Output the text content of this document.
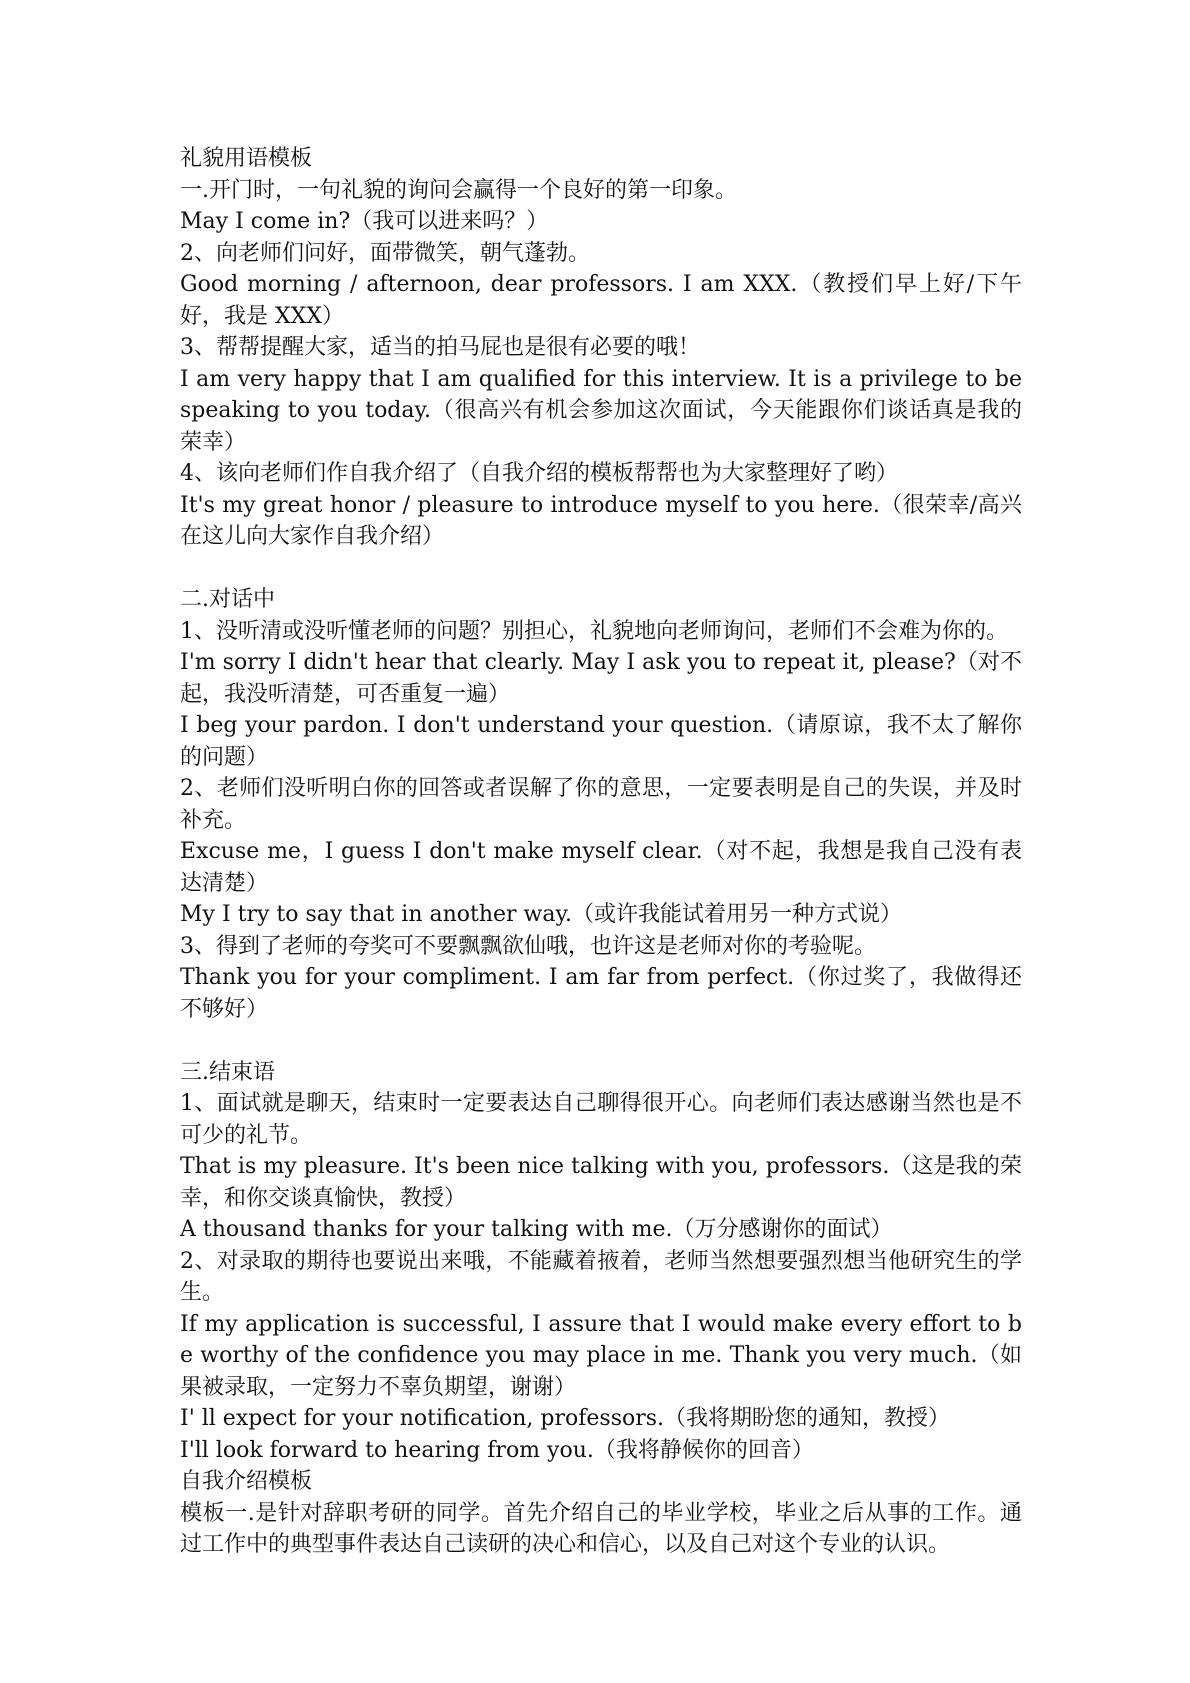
礼貌用语模板

一.开门时，一句礼貌的询问会赢得一个良好的第一印象。

May I come in?（我可以进来吗？）

2、向老师们问好，面带微笑，朝气蓬勃。

Good morning / afternoon, dear professors. I am XXX.（教授们早上好/下午好，我是 XXX）

3、帮帮提醒大家，适当的拍马屁也是很有必要的哦！

I am very happy that I am qualified for this interview. It is a privilege to be speaking to you today.（很高兴有机会参加这次面试，今天能跟你们谈话真是我的荣幸）

4、该向老师们作自我介绍了（自我介绍的模板帮帮也为大家整理好了哟）

It's my great honor / pleasure to introduce myself to you here.（很荣幸/高兴在这儿向大家作自我介绍）

二.对话中

1、没听清或没听懂老师的问题？别担心，礼貌地向老师询问，老师们不会难为你的。

I'm sorry I didn't hear that clearly. May I ask you to repeat it, please?（对不起，我没听清楚，可否重复一遍）

I beg your pardon. I don't understand your question.（请原谅，我不太了解你的问题）

2、老师们没听明白你的回答或者误解了你的意思，一定要表明是自己的失误，并及时补充。

Excuse me，I guess I don't make myself clear.（对不起，我想是我自己没有表达清楚）

My I try to say that in another way.（或许我能试着用另一种方式说）

3、得到了老师的夸奖可不要飘飘欲仙哦，也许这是老师对你的考验呢。

Thank you for your compliment. I am far from perfect.（你过奖了，我做得还不够好）

三.结束语

1、面试就是聊天，结束时一定要表达自己聊得很开心。向老师们表达感谢当然也是不可少的礼节。

That is my pleasure. It's been nice talking with you, professors.（这是我的荣幸，和你交谈真愉快，教授）

A thousand thanks for your talking with me.（万分感谢你的面试）

2、对录取的期待也要说出来哦，不能藏着掖着，老师当然想要强烈想当他研究生的学生。

If my application is successful, I assure that I would make every effort to be worthy of the confidence you may place in me. Thank you very much.（如果被录取，一定努力不辜负期望，谢谢）

I' ll expect for your notification, professors.（我将期盼您的通知，教授）

I'll look forward to hearing from you.（我将静候你的回音）

自我介绍模板

模板一.是针对辞职考研的同学。首先介绍自己的毕业学校，毕业之后从事的工作。通过工作中的典型事件表达自己读研的决心和信心，以及自己对这个专业的认识。
